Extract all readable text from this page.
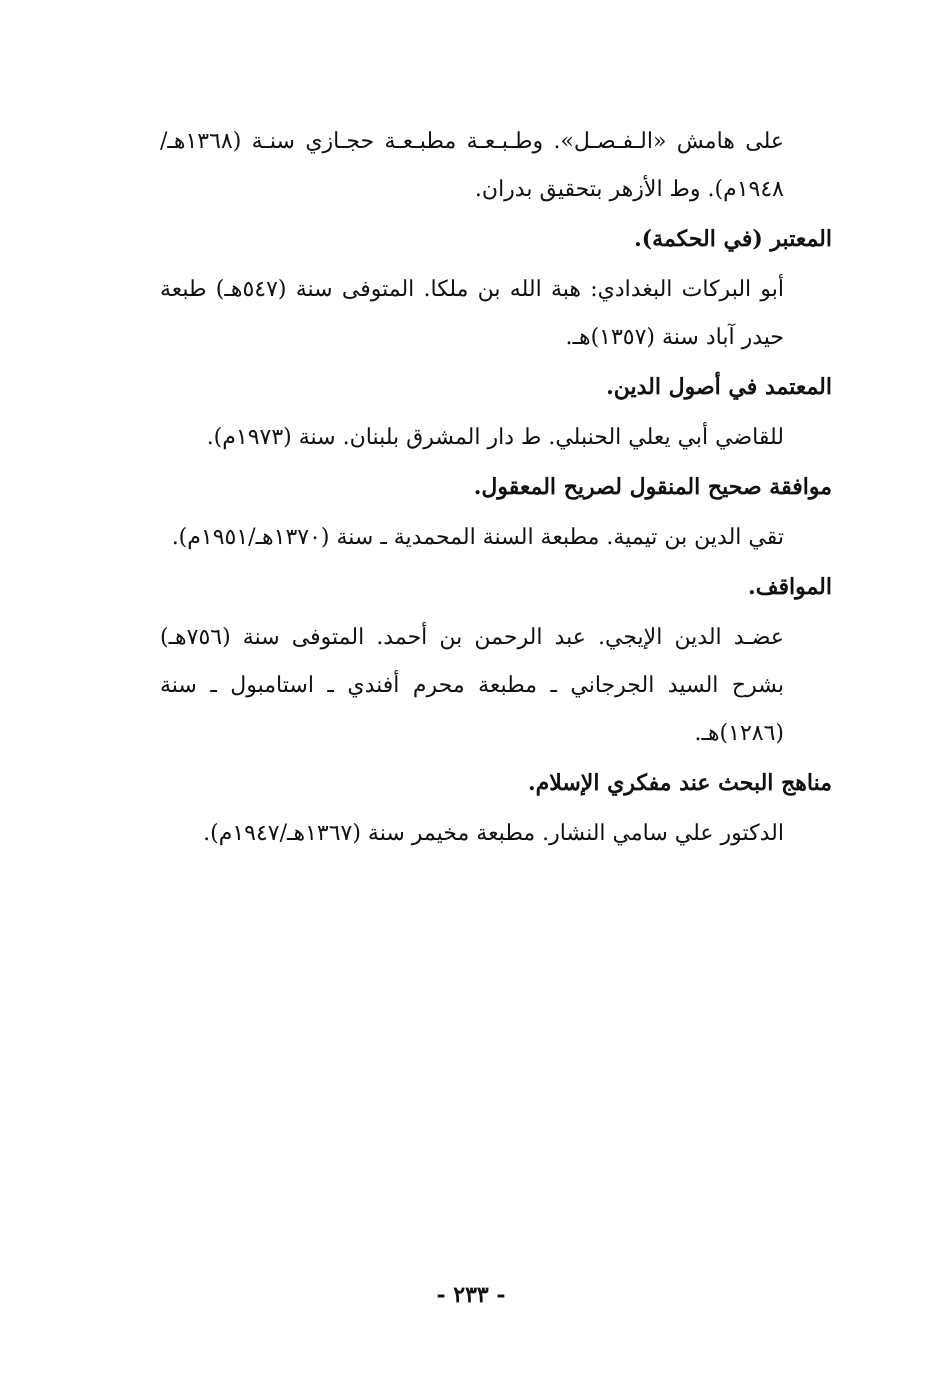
على هامش «الـفـصـل». وطـبـعـة مطبـعـة حجـازي سنـة (١٣٦٨هـ/١٩٤٨م). وط الأزهر بتحقيق بدران.
المعتبر (في الحكمة).
أبو البركات البغدادي: هبة الله بن ملكا. المتوفى سنة (٥٤٧هـ) طبعة حيدر آباد سنة (١٣٥٧)هـ.
المعتمد في أصول الدين.
للقاضي أبي يعلي الحنبلي. ط دار المشرق بلبنان. سنة (١٩٧٣م).
موافقة صحيح المنقول لصريح المعقول.
تقي الدين بن تيمية. مطبعة السنة المحمدية ـ سنة (١٣٧٠هـ/١٩٥١م).
المواقف.
عضـد الدين الإيجي. عبد الرحمن بن أحمد. المتوفى سنة (٧٥٦هـ) بشرح السيد الجرجاني ـ مطبعة محرم أفندي ـ استامبول ـ سنة (١٢٨٦)هـ.
مناهج البحث عند مفكري الإسلام.
الدكتور علي سامي النشار. مطبعة مخيمر سنة (١٣٦٧هـ/١٩٤٧م).
- ٢٣٣ -
